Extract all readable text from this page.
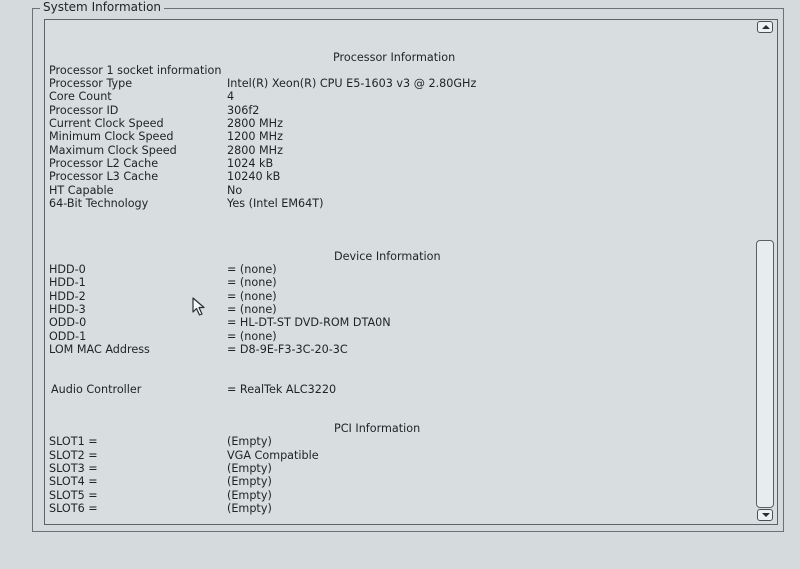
System Information
Processor Information
Processor 1 socket information
Processor Type	Intel(R) Xeon(R) CPU E5-1603 v3 @ 2.80GHz
Core Count	4
Processor ID	306f2
Current Clock Speed	2800 MHz
Minimum Clock Speed	1200 MHz
Maximum Clock Speed	2800 MHz
Processor L2 Cache	1024 kB
Processor L3 Cache	10240 kB
HT Capable	No
64-Bit Technology	Yes (Intel EM64T)
Device Information
HDD-0	= (none)
HDD-1	= (none)
HDD-2	= (none)
HDD-3	= (none)
ODD-0	= HL-DT-ST DVD-ROM DTA0N
ODD-1	= (none)
LOM MAC Address	= D8-9E-F3-3C-20-3C
Audio Controller	= RealTek ALC3220
PCI Information
SLOT1 =	(Empty)
SLOT2 =	VGA Compatible
SLOT3 =	(Empty)
SLOT4 =	(Empty)
SLOT5 =	(Empty)
SLOT6 =	(Empty)
